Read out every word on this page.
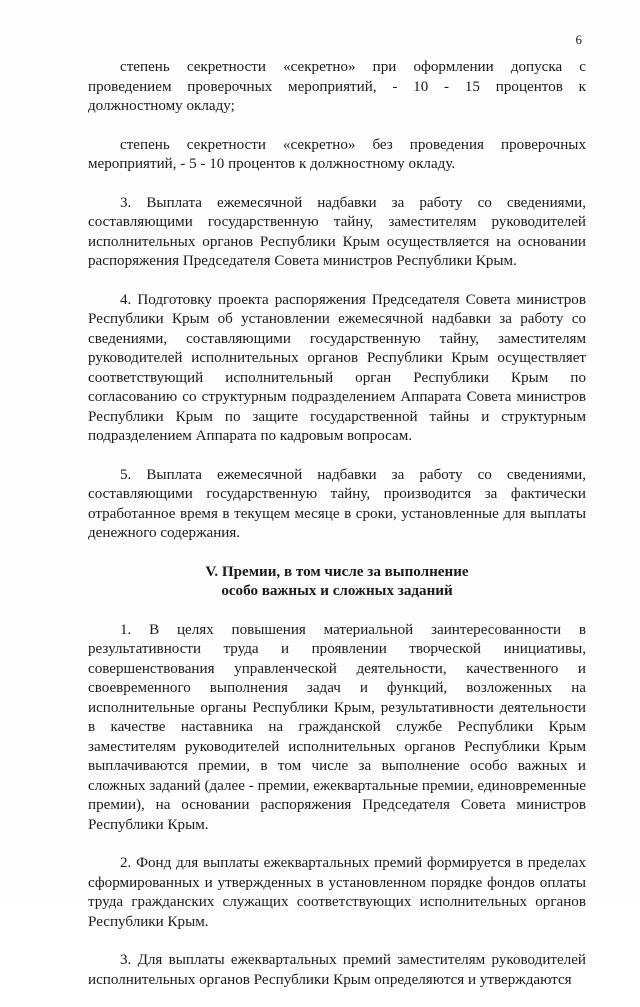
6

степень секретности «секретно» при оформлении допуска с проведением проверочных мероприятий, - 10 - 15 процентов к должностному окладу;

степень секретности «секретно» без проведения проверочных мероприятий, - 5 - 10 процентов к должностному окладу.

3. Выплата ежемесячной надбавки за работу со сведениями, составляющими государственную тайну, заместителям руководителей исполнительных органов Республики Крым осуществляется на основании распоряжения Председателя Совета министров Республики Крым.

4. Подготовку проекта распоряжения Председателя Совета министров Республики Крым об установлении ежемесячной надбавки за работу со сведениями, составляющими государственную тайну, заместителям руководителей исполнительных органов Республики Крым осуществляет соответствующий исполнительный орган Республики Крым по согласованию со структурным подразделением Аппарата Совета министров Республики Крым по защите государственной тайны и структурным подразделением Аппарата по кадровым вопросам.

5. Выплата ежемесячной надбавки за работу со сведениями, составляющими государственную тайну, производится за фактически отработанное время в текущем месяце в сроки, установленные для выплаты денежного содержания.

V. Премии, в том числе за выполнение
особо важных и сложных заданий

1. В целях повышения материальной заинтересованности в результативности труда и проявлении творческой инициативы, совершенствования управленческой деятельности, качественного и своевременного выполнения задач и функций, возложенных на исполнительные органы Республики Крым, результативности деятельности в качестве наставника на гражданской службе Республики Крым заместителям руководителей исполнительных органов Республики Крым выплачиваются премии, в том числе за выполнение особо важных и сложных заданий (далее - премии, ежеквартальные премии, единовременные премии), на основании распоряжения Председателя Совета министров Республики Крым.

2. Фонд для выплаты ежеквартальных премий формируется в пределах сформированных и утвержденных в установленном порядке фондов оплаты труда гражданских служащих соответствующих исполнительных органов Республики Крым.

3. Для выплаты ежеквартальных премий заместителям руководителей исполнительных органов Республики Крым определяются и утверждаются
